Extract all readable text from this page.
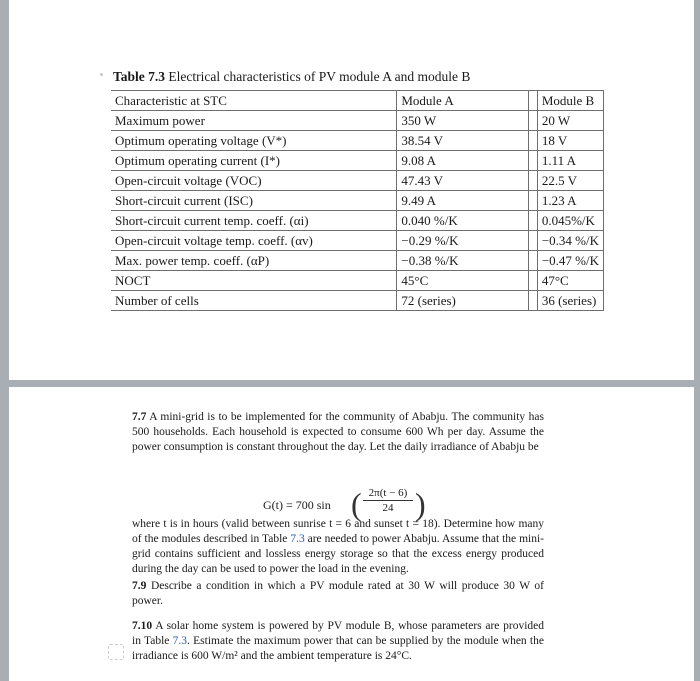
Table 7.3 Electrical characteristics of PV module A and module B
Characteristic at STC	Module A		Module B
Maximum power	350 W		20 W
Optimum operating voltage (V*)	38.54 V		18 V
Optimum operating current (I*)	9.08 A		1.11 A
Open-circuit voltage (VOC)	47.43 V		22.5 V
Short-circuit current (ISC)	9.49 A		1.23 A
Short-circuit current temp. coeff. (αi)	0.040 %/K		0.045%/K
Open-circuit voltage temp. coeff. (αv)	−0.29 %/K		−0.34 %/K
Max. power temp. coeff. (αP)	−0.38 %/K		−0.47 %/K
NOCT	45°C		47°C
Number of cells	72 (series)		36 (series)

7.7 A mini-grid is to be implemented for the community of Ababju. The community has 500 households. Each household is expected to consume 600 Wh per day. Assume the power consumption is constant throughout the day. Let the daily irradiance of Ababju be

where t is in hours (valid between sunrise t = 6 and sunset t = 18). Determine how many of the modules described in Table 7.3 are needed to power Ababju. Assume that the mini-grid contains sufficient and lossless energy storage so that the excess energy produced during the day can be used to power the load in the evening.

7.9 Describe a condition in which a PV module rated at 30 W will produce 30 W of power.

7.10 A solar home system is powered by PV module B, whose parameters are provided in Table 7.3. Estimate the maximum power that can be supplied by the module when the irradiance is 600 W/m² and the ambient temperature is 24°C.

G(t) = 700 sin ( $\frac{2\pi(t - 6)}{24}$ )
